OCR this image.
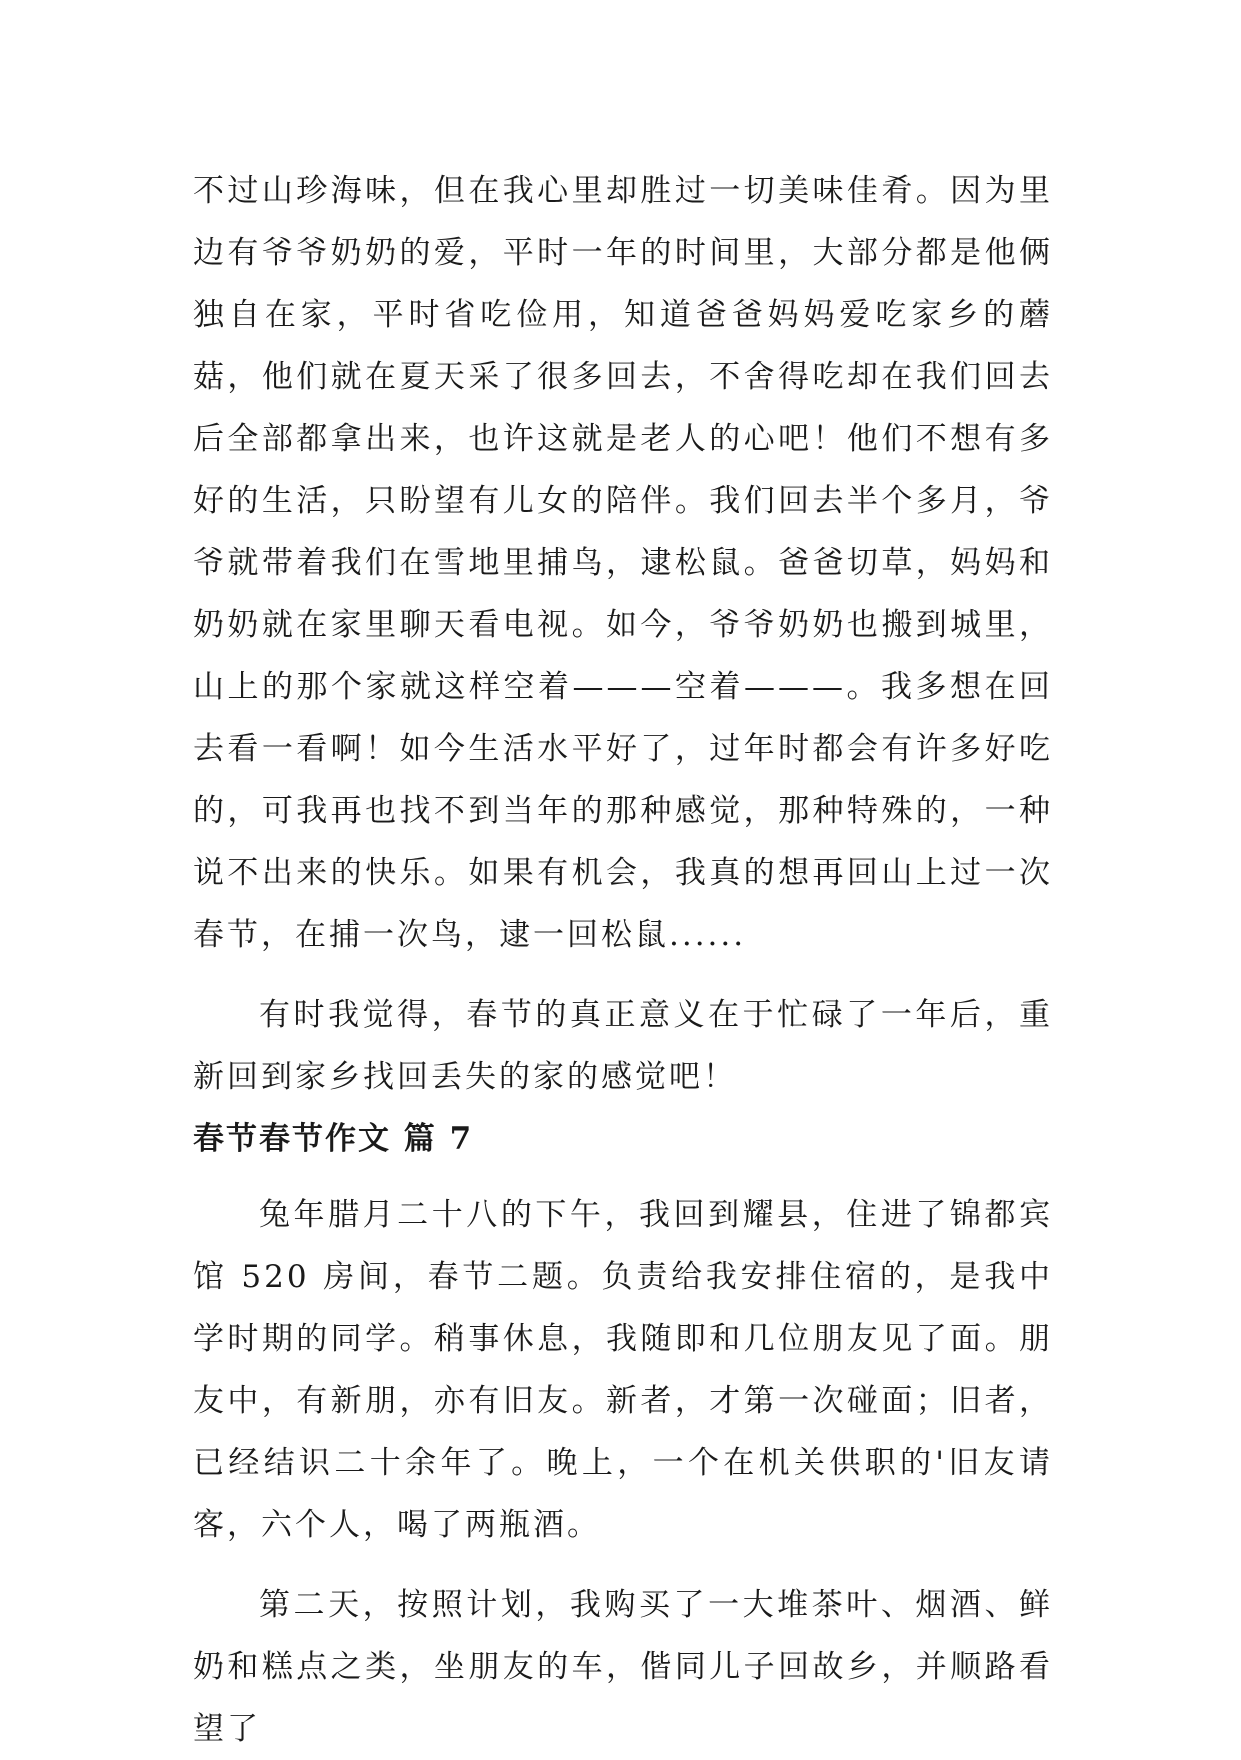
不过山珍海味，但在我心里却胜过一切美味佳肴。因为里边有爷爷奶奶的爱，平时一年的时间里，大部分都是他俩独自在家，平时省吃俭用，知道爸爸妈妈爱吃家乡的蘑菇，他们就在夏天采了很多回去，不舍得吃却在我们回去后全部都拿出来，也许这就是老人的心吧！他们不想有多好的生活，只盼望有儿女的陪伴。我们回去半个多月，爷爷就带着我们在雪地里捕鸟，逮松鼠。爸爸切草，妈妈和奶奶就在家里聊天看电视。如今，爷爷奶奶也搬到城里，山上的那个家就这样空着———空着———。我多想在回去看一看啊！如今生活水平好了，过年时都会有许多好吃的，可我再也找不到当年的那种感觉，那种特殊的，一种说不出来的快乐。如果有机会，我真的想再回山上过一次春节，在捕一次鸟，逮一回松鼠......

有时我觉得，春节的真正意义在于忙碌了一年后，重新回到家乡找回丢失的家的感觉吧！

春节春节作文 篇 7

兔年腊月二十八的下午，我回到耀县，住进了锦都宾馆 520 房间，春节二题。负责给我安排住宿的，是我中学时期的同学。稍事休息，我随即和几位朋友见了面。朋友中，有新朋，亦有旧友。新者，才第一次碰面；旧者，已经结识二十余年了。晚上，一个在机关供职的'旧友请客，六个人，喝了两瓶酒。

第二天，按照计划，我购买了一大堆茶叶、烟酒、鲜奶和糕点之类，坐朋友的车，偕同儿子回故乡，并顺路看望了
